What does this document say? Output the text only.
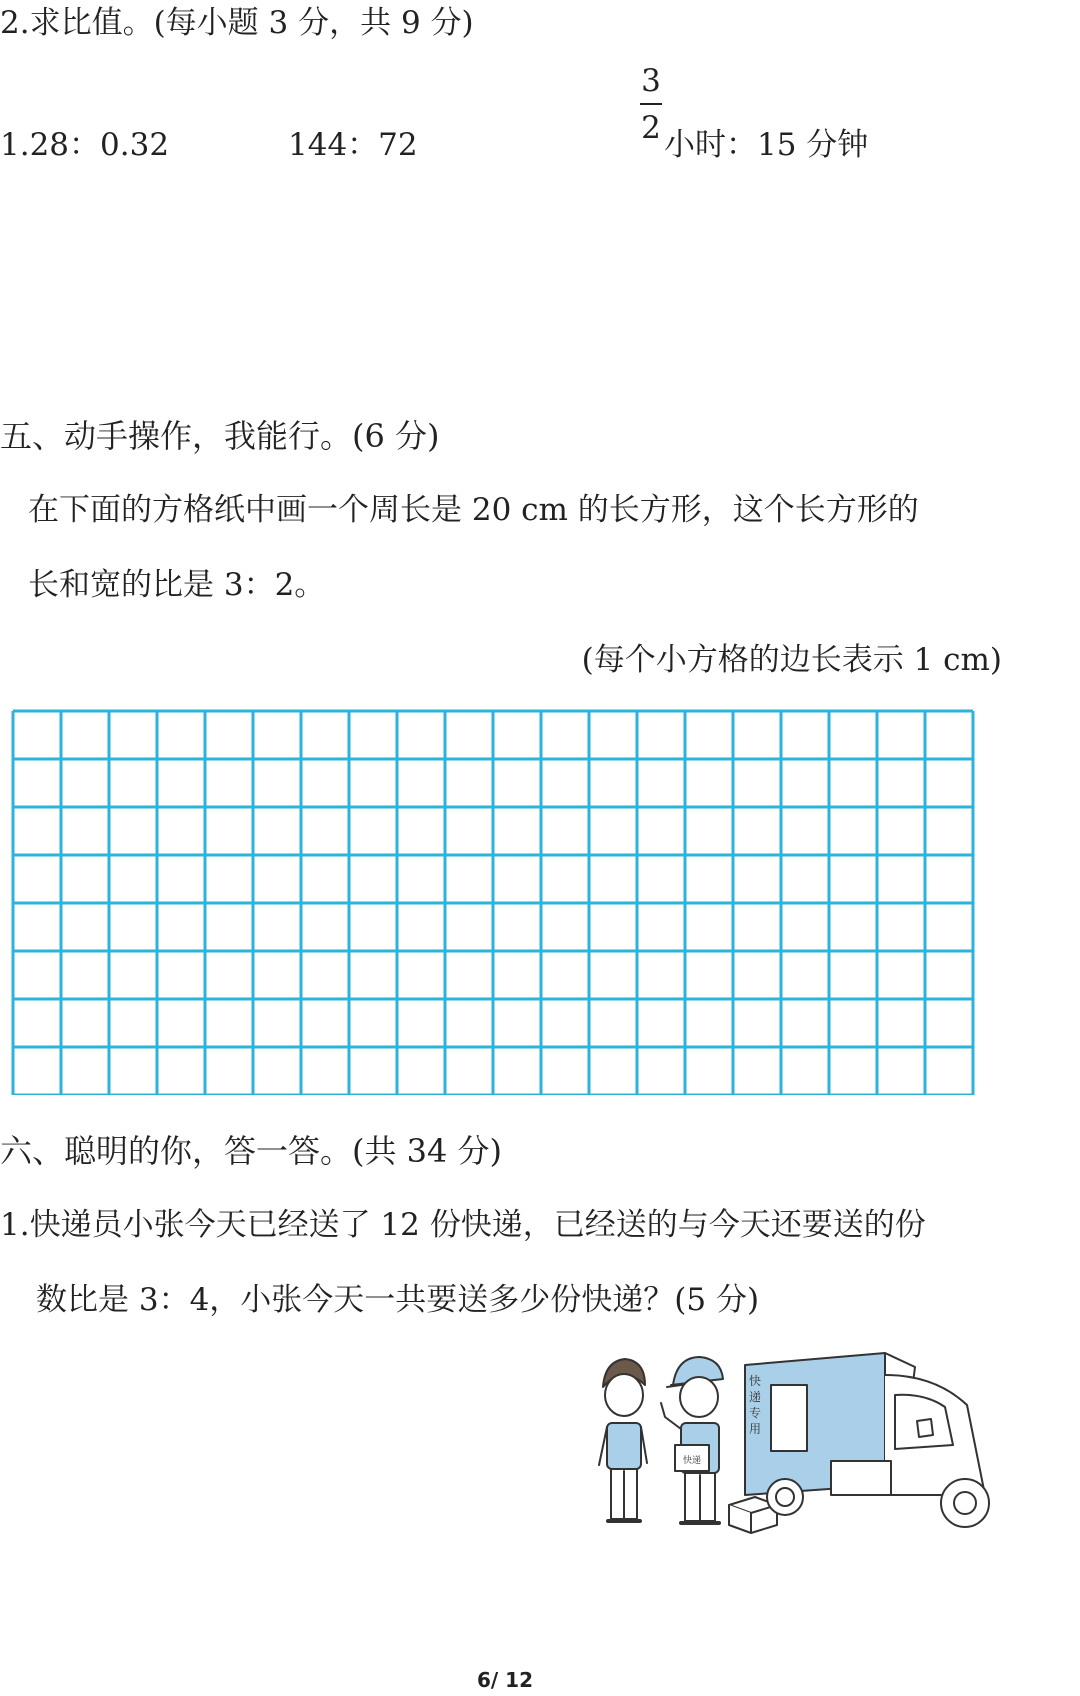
2.求比值。(每小题 3 分，共 9 分)
1.28：0.32	144：72
3
2 小时：15 分钟
五、动手操作，我能行。(6 分)
在下面的方格纸中画一个周长是 20 cm 的长方形，这个长方形的
长和宽的比是 3：2。
(每个小方格的边长表示 1 cm)
六、聪明的你，答一答。(共 34 分)
1.快递员小张今天已经送了 12 份快递，已经送的与今天还要送的份
数比是 3：4，小张今天一共要送多少份快递？(5 分)
快递
快
递
专
用
6/ 12
